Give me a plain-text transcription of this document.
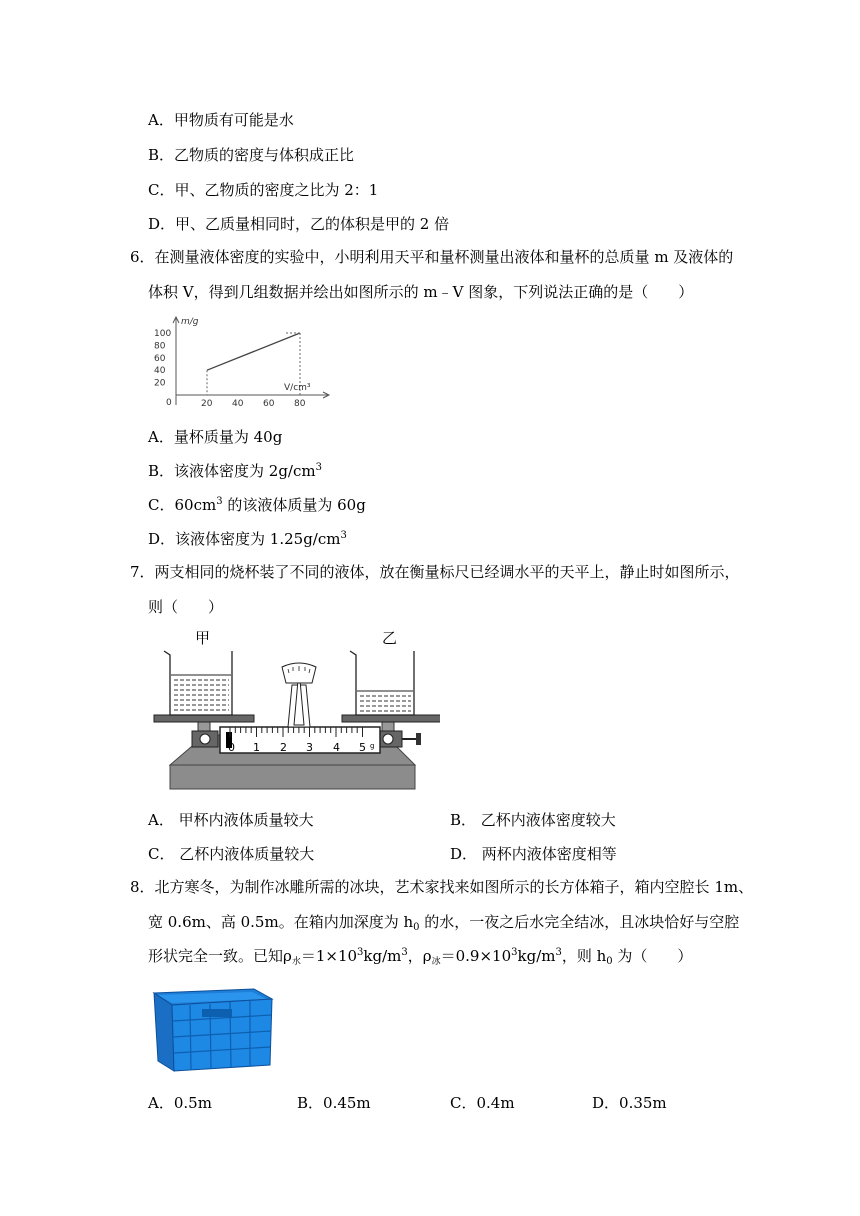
A．甲物质有可能是水
B．乙物质的密度与体积成正比
C．甲、乙物质的密度之比为 2：1
D．甲、乙质量相同时，乙的体积是甲的 2 倍
6．在测量液体密度的实验中，小明利用天平和量杯测量出液体和量杯的总质量 m 及液体的
体积 V，得到几组数据并绘出如图所示的 m﹣V 图象，下列说法正确的是（　　）
100
80
60
40
20
20 40 60 80
m/g
V/cm³
0
A．量杯质量为 40g
B．该液体密度为 $2g/cm^3$
C．$60cm^3$ 的该液体质量为 60g
D．该液体密度为 $1.25g/cm^3$
7．两支相同的烧杯装了不同的液体，放在衡量标尺已经调水平的天平上，静止时如图所示，
则（　　）
0 1 2 3 4 5 g
甲	乙
A． 甲杯内液体质量较大	B． 乙杯内液体密度较大
C． 乙杯内液体质量较大	D． 两杯内液体密度相等
8．北方寒冬，为制作冰雕所需的冰块，艺术家找来如图所示的长方体箱子，箱内空腔长 1m、
宽 0.6m、高 0.5m。在箱内加深度为 $h_0$ 的水，一夜之后水完全结冰，且冰块恰好与空腔
形状完全一致。已知$\rho_水=1\times 10^3kg/m^3$，$\rho_冰=0.9\times 10^3kg/m^3$，则 $h_0$ 为（　　）
A．0.5m	B．0.45m	C．0.4m	D．0.35m
